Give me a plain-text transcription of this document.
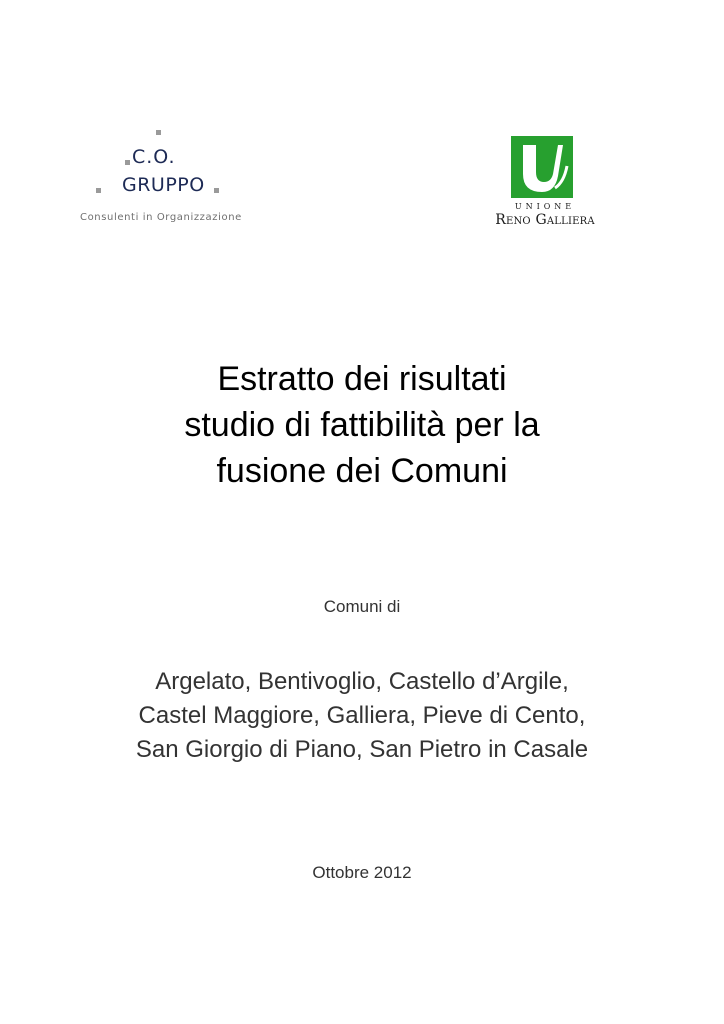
C.O.
GRUPPO
Consulenti in Organizzazione
UNIONE
Reno Galliera
Estratto dei risultati
studio di fattibilità per la
fusione dei Comuni
Comuni di
Argelato, Bentivoglio, Castello d’Argile,
Castel Maggiore, Galliera, Pieve di Cento,
San Giorgio di Piano, San Pietro in Casale
Ottobre 2012
